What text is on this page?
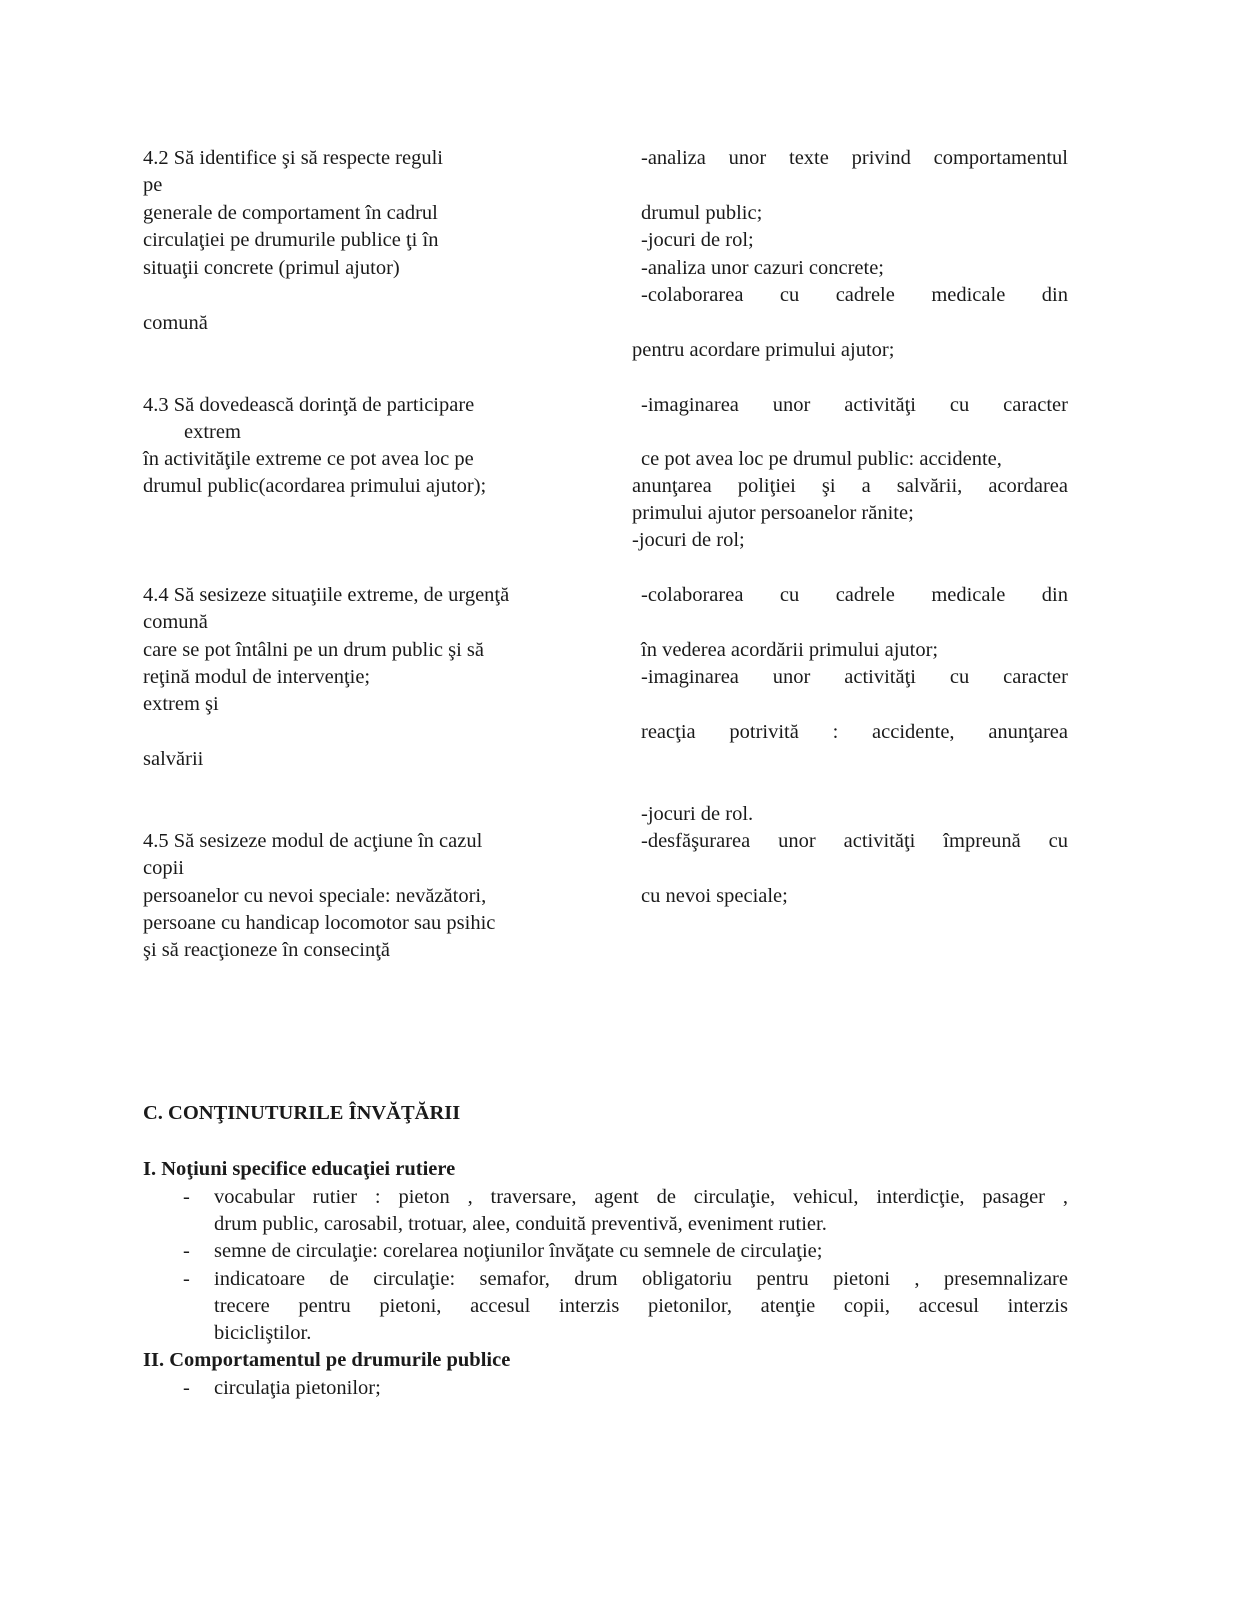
4.2 Să identifice şi să respecte reguli
pe
generale de comportament în cadrul
circulaţiei pe drumurile publice ţi în
situaţii concrete (primul ajutor)
comună
-analiza unor texte privind comportamentul
drumul public;
-jocuri de rol;
-analiza unor cazuri concrete;
-colaborarea cu cadrele medicale din
pentru acordare primului ajutor;
4.3 Să dovedească dorinţă de participare
extrem
în activităţile extreme ce pot avea loc pe
drumul public(acordarea primului ajutor);
-imaginarea unor activităţi cu caracter
ce pot avea loc pe drumul public: accidente,
anunţarea poliţiei şi a salvării, acordarea
primului ajutor persoanelor rănite;
-jocuri de rol;
4.4 Să sesizeze situaţiile extreme, de urgenţă
comună
care se pot întâlni pe un drum public şi să
reţină modul de intervenţie;
extrem şi
salvării
-colaborarea cu cadrele medicale din
în vederea acordării primului ajutor;
-imaginarea unor activităţi cu caracter
reacţia potrivită : accidente, anunţarea
-jocuri de rol.
4.5 Să sesizeze modul de acţiune în cazul
copii
persoanelor cu nevoi speciale: nevăzători,
persoane cu handicap locomotor sau psihic
şi să reacţioneze în consecinţă
-desfăşurarea unor activităţi împreună cu
cu nevoi speciale;
C. CONŢINUTURILE ÎNVĂŢĂRII
I. Noţiuni specifice educaţiei rutiere
- vocabular rutier : pieton , traversare, agent de circulaţie, vehicul, interdicţie, pasager ,
drum public, carosabil, trotuar, alee, conduită preventivă, eveniment rutier.
- semne de circulaţie: corelarea noţiunilor învăţate cu semnele de circulaţie;
- indicatoare de circulaţie: semafor, drum obligatoriu pentru pietoni , presemnalizare
trecere pentru pietoni, accesul interzis pietonilor, atenţie copii, accesul interzis
bicicliştilor.
II. Comportamentul pe drumurile publice
- circulaţia pietonilor;
